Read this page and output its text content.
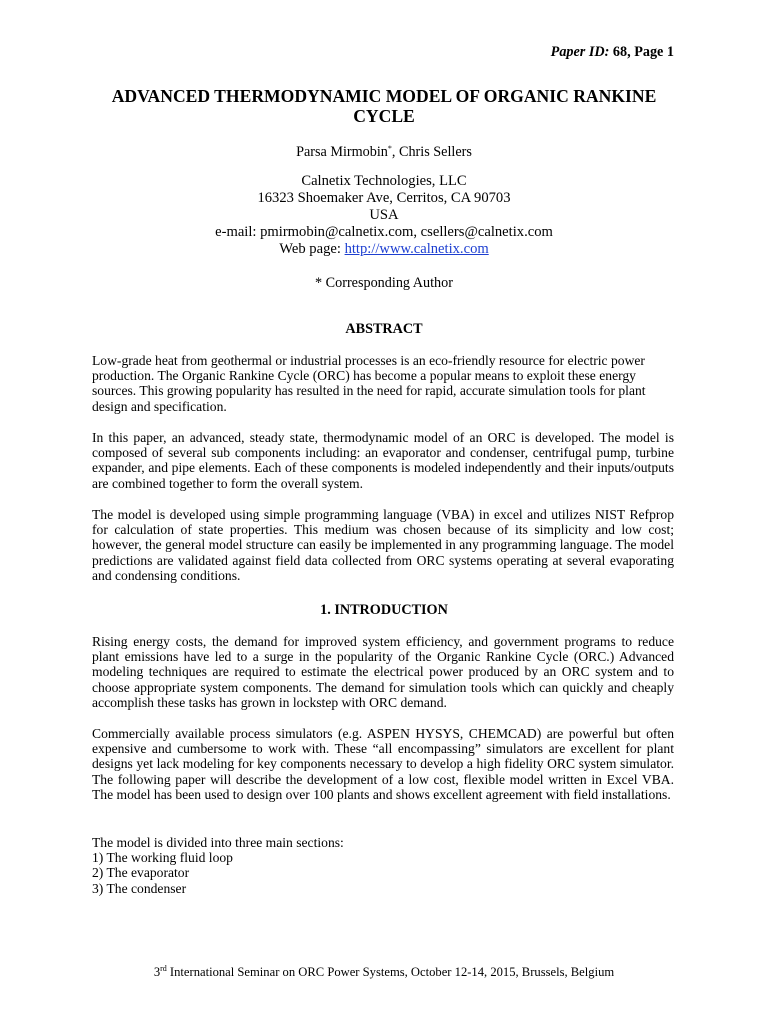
Paper ID: 68, Page 1
ADVANCED THERMODYNAMIC MODEL OF ORGANIC RANKINE CYCLE
Parsa Mirmobin*, Chris Sellers
Calnetix Technologies, LLC
16323 Shoemaker Ave, Cerritos, CA 90703
USA
e-mail: pmirmobin@calnetix.com, csellers@calnetix.com
Web page: http://www.calnetix.com
* Corresponding Author
ABSTRACT
Low-grade heat from geothermal or industrial processes is an eco-friendly resource for electric power production. The Organic Rankine Cycle (ORC) has become a popular means to exploit these energy sources. This growing popularity has resulted in the need for rapid, accurate simulation tools for plant design and specification.
In this paper, an advanced, steady state, thermodynamic model of an ORC is developed. The model is composed of several sub components including: an evaporator and condenser, centrifugal pump, turbine expander, and pipe elements. Each of these components is modeled independently and their inputs/outputs are combined together to form the overall system.
The model is developed using simple programming language (VBA) in excel and utilizes NIST Refprop for calculation of state properties. This medium was chosen because of its simplicity and low cost; however, the general model structure can easily be implemented in any programming language. The model predictions are validated against field data collected from ORC systems operating at several evaporating and condensing conditions.
1. INTRODUCTION
Rising energy costs, the demand for improved system efficiency, and government programs to reduce plant emissions have led to a surge in the popularity of the Organic Rankine Cycle (ORC.) Advanced modeling techniques are required to estimate the electrical power produced by an ORC system and to choose appropriate system components. The demand for simulation tools which can quickly and cheaply accomplish these tasks has grown in lockstep with ORC demand.
Commercially available process simulators (e.g. ASPEN HYSYS, CHEMCAD) are powerful but often expensive and cumbersome to work with. These “all encompassing” simulators are excellent for plant designs yet lack modeling for key components necessary to develop a high fidelity ORC system simulator. The following paper will describe the development of a low cost, flexible model written in Excel VBA. The model has been used to design over 100 plants and shows excellent agreement with field installations.
The model is divided into three main sections:
1) The working fluid loop
2) The evaporator
3) The condenser
3rd International Seminar on ORC Power Systems, October 12-14, 2015, Brussels, Belgium
